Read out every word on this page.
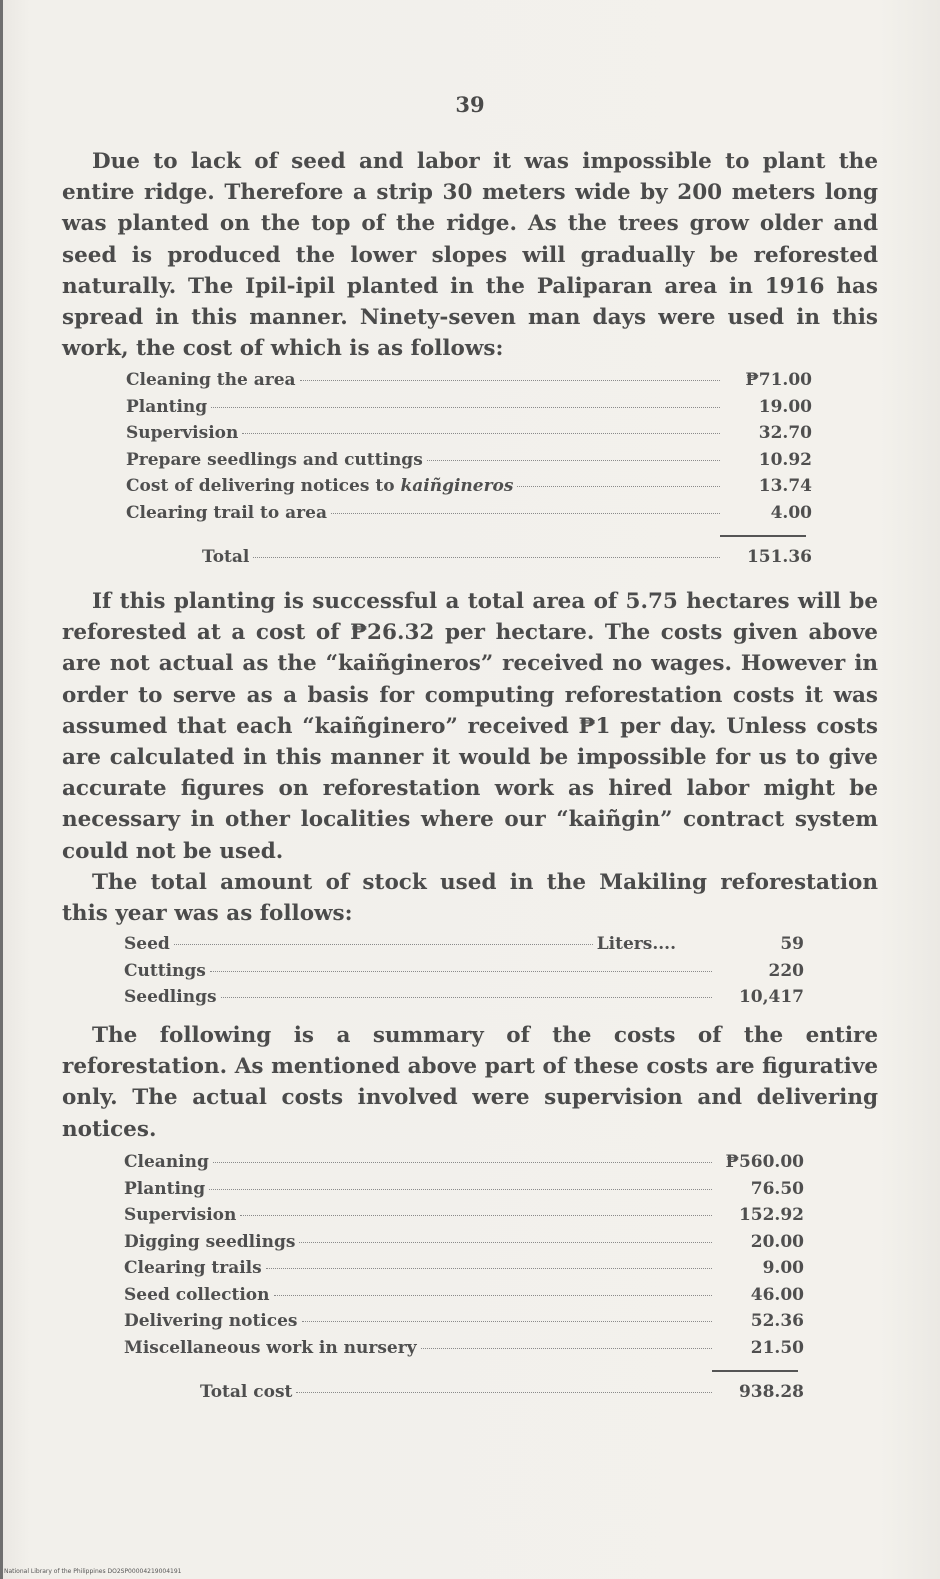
39

Due to lack of seed and labor it was impossible to plant the entire ridge. Therefore a strip 30 meters wide by 200 meters long was planted on the top of the ridge. As the trees grow older and seed is produced the lower slopes will gradually be reforested naturally. The Ipil-ipil planted in the Paliparan area in 1916 has spread in this manner. Ninety-seven man days were used in this work, the cost of which is as follows:

Cleaning the area	₱71.00
Planting	19.00
Supervision	32.70
Prepare seedlings and cuttings	10.92
Cost of delivering notices to kaiñgineros	13.74
Clearing trail to area	4.00
Total	151.36

If this planting is successful a total area of 5.75 hectares will be reforested at a cost of ₱26.32 per hectare. The costs given above are not actual as the “kaiñgineros” received no wages. However in order to serve as a basis for computing reforestation costs it was assumed that each “kaiñginero” received ₱1 per day. Unless costs are calculated in this manner it would be impossible for us to give accurate figures on reforestation work as hired labor might be necessary in other localities where our “kaiñgin” contract system could not be used.

The total amount of stock used in the Makiling reforestation this year was as follows:

Seed	Liters....	59
Cuttings	220
Seedlings	10,417

The following is a summary of the costs of the entire reforestation. As mentioned above part of these costs are figurative only. The actual costs involved were supervision and delivering notices.

Cleaning	₱560.00
Planting	76.50
Supervision	152.92
Digging seedlings	20.00
Clearing trails	9.00
Seed collection	46.00
Delivering notices	52.36
Miscellaneous work in nursery	21.50
Total cost	938.28
National Library of the Philippines DO2SP00004219004191
